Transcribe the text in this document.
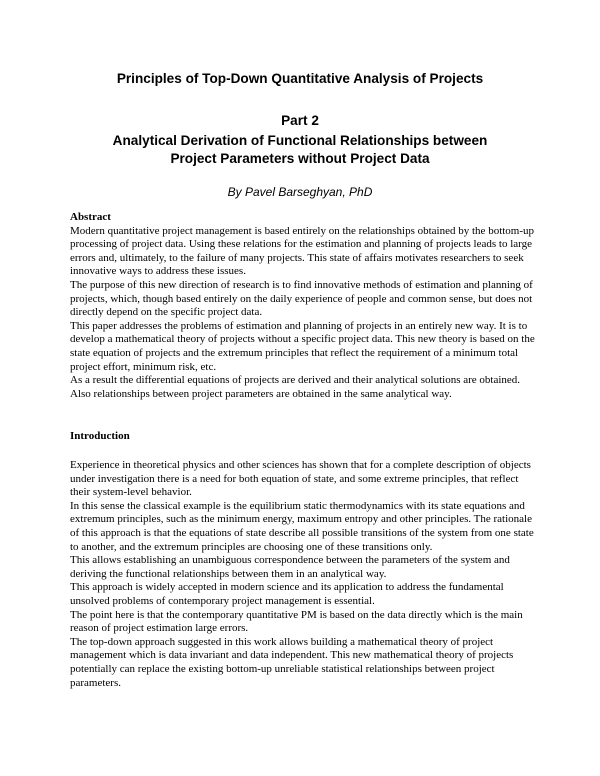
Principles of Top-Down Quantitative Analysis of Projects
Part 2
Analytical Derivation of Functional Relationships between
Project Parameters without Project Data
By Pavel Barseghyan, PhD

Abstract

Modern quantitative project management is based entirely on the relationships obtained by the bottom-up processing of project data. Using these relations for the estimation and planning of projects leads to large errors and, ultimately, to the failure of many projects. This state of affairs motivates researchers to seek innovative ways to address these issues.

The purpose of this new direction of research is to find innovative methods of estimation and planning of projects, which, though based entirely on the daily experience of people and common sense, but does not directly depend on the specific project data.

This paper addresses the problems of estimation and planning of projects in an entirely new way. It is to develop a mathematical theory of projects without a specific project data. This new theory is based on the state equation of projects and the extremum principles that reflect the requirement of a minimum total project effort, minimum risk, etc.

As a result the differential equations of projects are derived and their analytical solutions are obtained.

Also relationships between project parameters are obtained in the same analytical way.

Introduction

Experience in theoretical physics and other sciences has shown that for a complete description of objects under investigation there is a need for both equation of state, and some extreme principles, that reflect their system-level behavior.

In this sense the classical example is the equilibrium static thermodynamics with its state equations and extremum principles, such as the minimum energy, maximum entropy and other principles. The rationale of this approach is that the equations of state describe all possible transitions of the system from one state to another, and the extremum principles are choosing one of these transitions only.

This allows establishing an unambiguous correspondence between the parameters of the system and deriving the functional relationships between them in an analytical way.

This approach is widely accepted in modern science and its application to address the fundamental unsolved problems of contemporary project management is essential.

The point here is that the contemporary quantitative PM is based on the data directly which is the main reason of project estimation large errors.

The top-down approach suggested in this work allows building a mathematical theory of project management which is data invariant and data independent. This new mathematical theory of projects potentially can replace the existing bottom-up unreliable statistical relationships between project parameters.
